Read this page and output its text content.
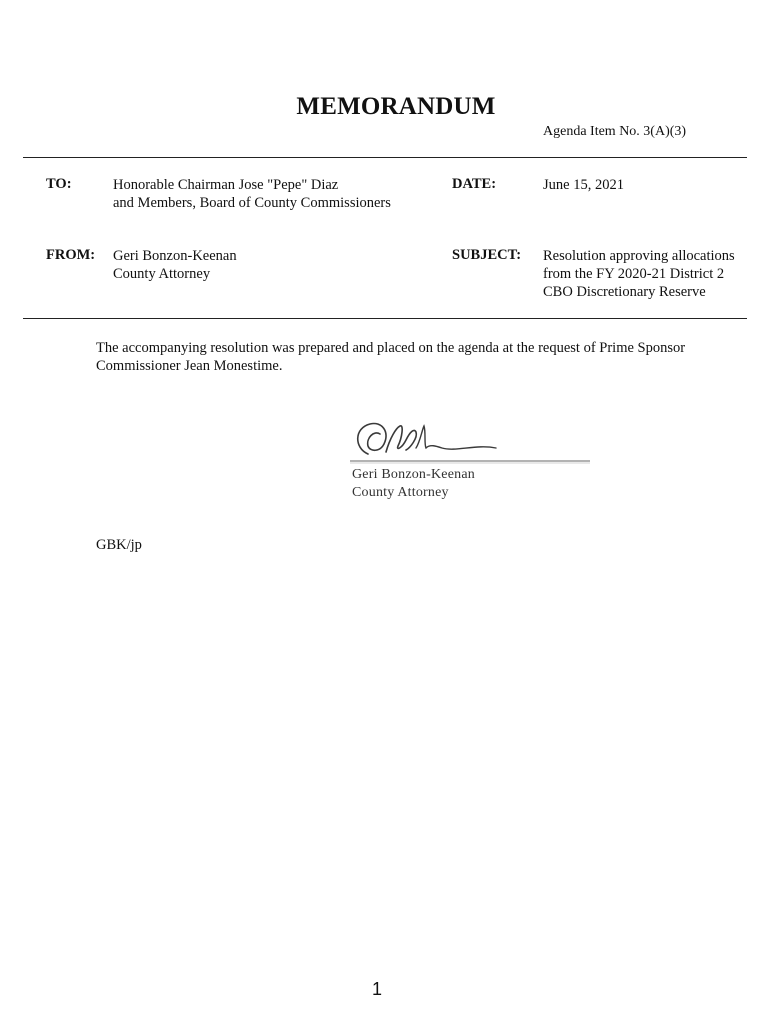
MEMORANDUM
Agenda Item No. 3(A)(3)
TO:	Honorable Chairman Jose "Pepe" Diaz
and Members, Board of County Commissioners
DATE:	June 15, 2021
FROM: Geri Bonzon-Keenan
County Attorney
SUBJECT: Resolution approving allocations
from the FY 2020-21 District 2
CBO Discretionary Reserve
The accompanying resolution was prepared and placed on the agenda at the request of Prime Sponsor
Commissioner Jean Monestime.
Geri Bonzon-Keenan
County Attorney
GBK/jp
1
